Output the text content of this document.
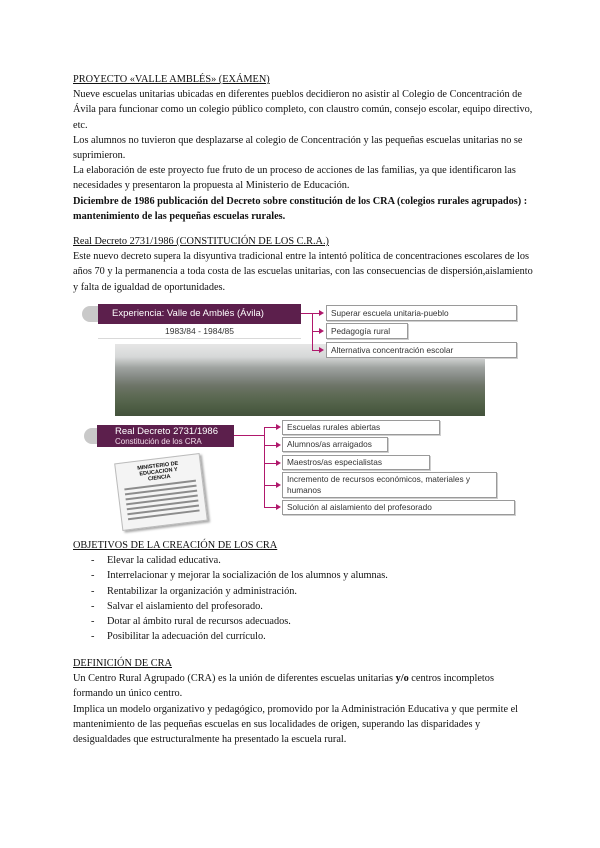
PROYECTO «VALLE AMBLÉS» (EXÁMEN)

Nueve escuelas unitarias ubicadas en diferentes pueblos decidieron no asistir al Colegio de Concentración de Ávila para funcionar como un colegio público completo, con claustro común, consejo escolar, equipo directivo, etc.

Los alumnos no tuvieron que desplazarse al colegio de Concentración y las pequeñas escuelas unitarias no se suprimieron.

La elaboración de este proyecto fue fruto de un proceso de acciones de las familias, ya que identificaron las necesidades y presentaron la propuesta al Ministerio de Educación.

Diciembre de 1986 publicación del Decreto sobre constitución de los CRA (colegios rurales agrupados) : mantenimiento de las pequeñas escuelas rurales.

Real Decreto 2731/1986 (CONSTITUCIÓN DE LOS C.R.A.)

Este nuevo decreto supera la disyuntiva tradicional entre la intentó política de concentraciones escolares de los años 70 y la permanencia a toda costa de las escuelas unitarias, con las consecuencias de dispersión,aislamiento y falta de igualdad de oportunidades.

Experiencia: Valle de Amblés (Ávila)
1983/84 - 1984/85
Superar escuela unitaria-pueblo
Pedagogía rural
Alternativa concentración escolar
Real Decreto 2731/1986
Constitución de los CRA
MINISTERIO DE EDUCACION Y CIENCIA
Escuelas rurales abiertas
Alumnos/as arraigados
Maestros/as especialistas
Incremento de recursos económicos, materiales y humanos
Solución al aislamiento del profesorado

OBJETIVOS DE LA CREACIÓN DE LOS CRA

- Elevar la calidad educativa.

- Interrelacionar y mejorar la socialización de los alumnos y alumnas.

- Rentabilizar la organización y administración.

- Salvar el aislamiento del profesorado.

- Dotar al ámbito rural de recursos adecuados.

- Posibilitar la adecuación del currículo.

DEFINICIÓN DE CRA

Un Centro Rural Agrupado (CRA) es la unión de diferentes escuelas unitarias y/o centros incompletos formando un único centro.

Implica un modelo organizativo y pedagógico, promovido por la Administración Educativa y que permite el mantenimiento de las pequeñas escuelas en sus localidades de origen, superando las disparidades y desigualdades que estructuralmente ha presentado la escuela rural.
